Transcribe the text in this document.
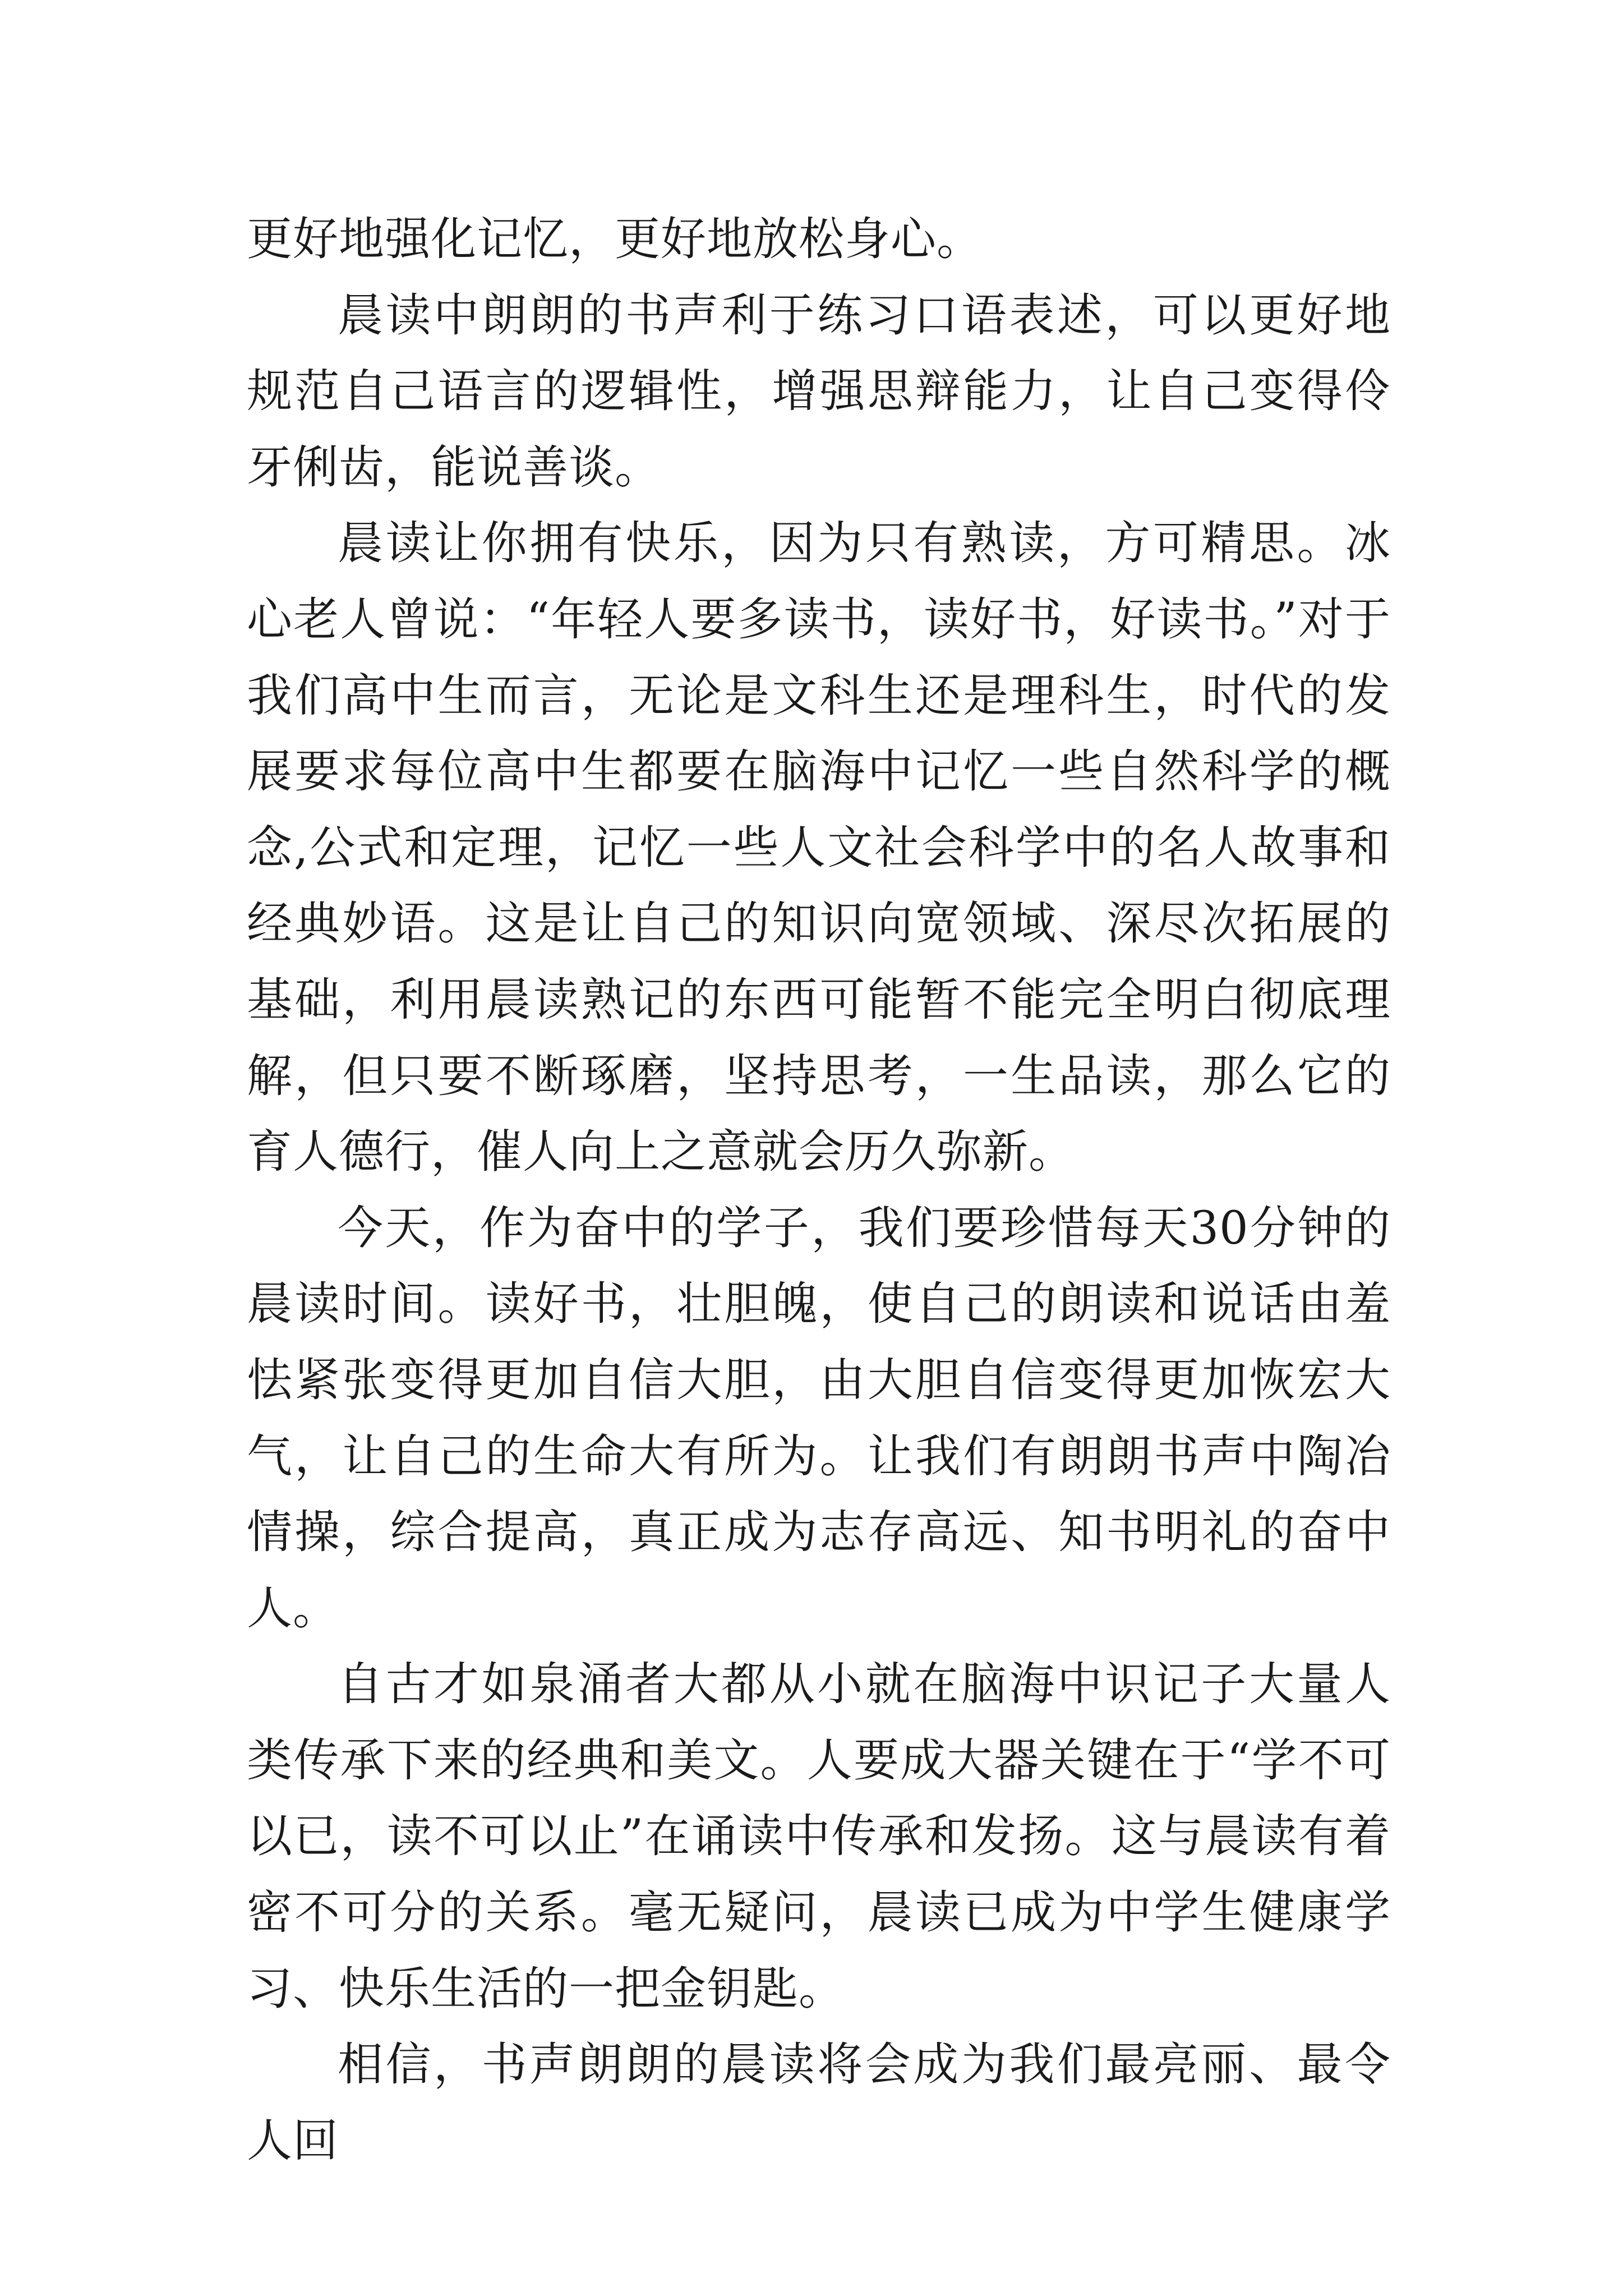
更好地强化记忆，更好地放松身心。

晨读中朗朗的书声利于练习口语表述，可以更好地规范自己语言的逻辑性，增强思辩能力，让自己变得伶牙俐齿，能说善谈。

晨读让你拥有快乐，因为只有熟读，方可精思。冰心老人曾说：“年轻人要多读书，读好书，好读书。”对于我们高中生而言，无论是文科生还是理科生，时代的发展要求每位高中生都要在脑海中记忆一些自然科学的概念,公式和定理，记忆一些人文社会科学中的名人故事和经典妙语。这是让自己的知识向宽领域、深尽次拓展的基础，利用晨读熟记的东西可能暂不能完全明白彻底理解，但只要不断琢磨，坚持思考，一生品读，那么它的育人德行，催人向上之意就会历久弥新。

今天，作为奋中的学子，我们要珍惜每天30分钟的晨读时间。读好书，壮胆魄，使自己的朗读和说话由羞怯紧张变得更加自信大胆，由大胆自信变得更加恢宏大气，让自己的生命大有所为。让我们有朗朗书声中陶冶情操，综合提高，真正成为志存高远、知书明礼的奋中人。

自古才如泉涌者大都从小就在脑海中识记子大量人类传承下来的经典和美文。人要成大器关键在于“学不可以已，读不可以止”在诵读中传承和发扬。这与晨读有着密不可分的关系。毫无疑问，晨读已成为中学生健康学习、快乐生活的一把金钥匙。

相信，书声朗朗的晨读将会成为我们最亮丽、最令人回
